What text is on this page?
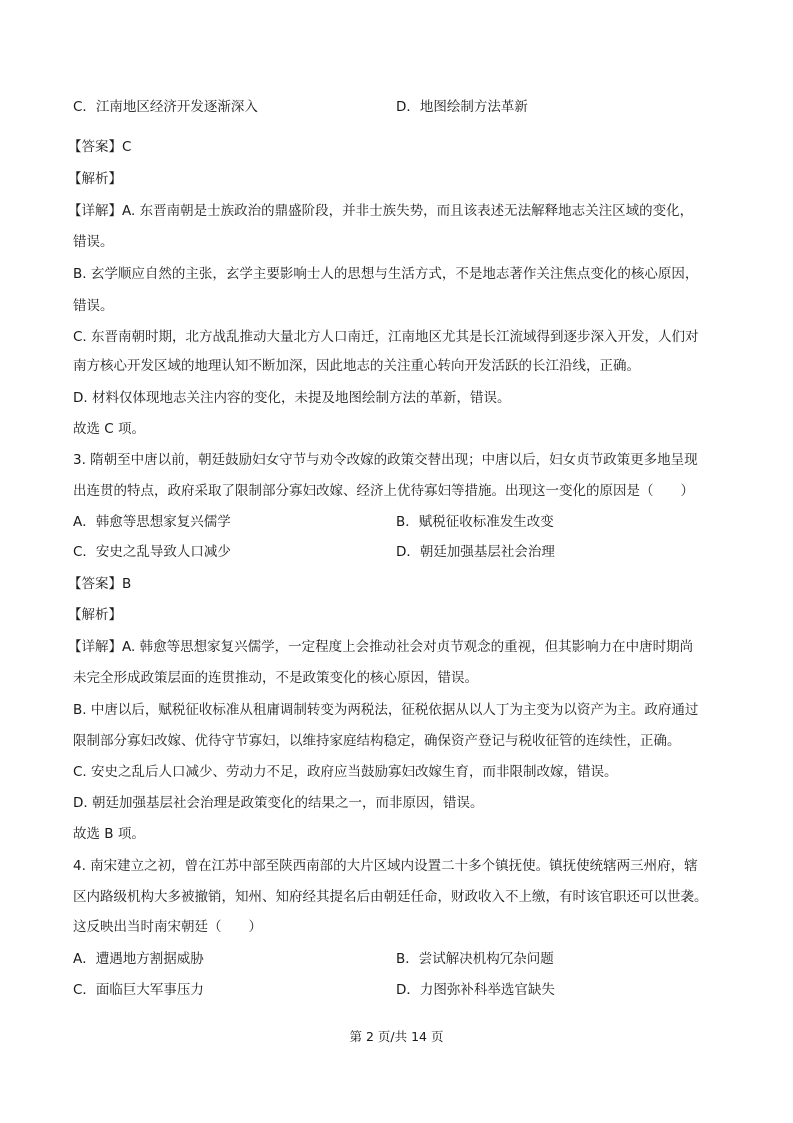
C．江南地区经济开发逐渐深入	D．地图绘制方法革新
【答案】C
【解析】
【详解】A. 东晋南朝是士族政治的鼎盛阶段，并非士族失势，而且该表述无法解释地志关注区域的变化，
错误。
B. 玄学顺应自然的主张，玄学主要影响士人的思想与生活方式，不是地志著作关注焦点变化的核心原因，
错误。
C. 东晋南朝时期，北方战乱推动大量北方人口南迁，江南地区尤其是长江流域得到逐步深入开发，人们对
南方核心开发区域的地理认知不断加深，因此地志的关注重心转向开发活跃的长江沿线，正确。
D. 材料仅体现地志关注内容的变化，未提及地图绘制方法的革新，错误。
故选 C 项。
3. 隋朝至中唐以前，朝廷鼓励妇女守节与劝令改嫁的政策交替出现；中唐以后，妇女贞节政策更多地呈现
出连贯的特点，政府采取了限制部分寡妇改嫁、经济上优待寡妇等措施。出现这一变化的原因是（　　）
A．韩愈等思想家复兴儒学	B．赋税征收标准发生改变
C．安史之乱导致人口减少	D．朝廷加强基层社会治理
【答案】B
【解析】
【详解】A. 韩愈等思想家复兴儒学，一定程度上会推动社会对贞节观念的重视，但其影响力在中唐时期尚
未完全形成政策层面的连贯推动，不是政策变化的核心原因，错误。
B. 中唐以后，赋税征收标准从租庸调制转变为两税法，征税依据从以人丁为主变为以资产为主。政府通过
限制部分寡妇改嫁、优待守节寡妇，以维持家庭结构稳定，确保资产登记与税收征管的连续性，正确。
C. 安史之乱后人口减少、劳动力不足，政府应当鼓励寡妇改嫁生育，而非限制改嫁，错误。
D. 朝廷加强基层社会治理是政策变化的结果之一，而非原因，错误。
故选 B 项。
4. 南宋建立之初，曾在江苏中部至陕西南部的大片区域内设置二十多个镇抚使。镇抚使统辖两三州府，辖
区内路级机构大多被撤销，知州、知府经其提名后由朝廷任命，财政收入不上缴，有时该官职还可以世袭。
这反映出当时南宋朝廷（　　）
A．遭遇地方割据威胁	B．尝试解决机构冗杂问题
C．面临巨大军事压力	D．力图弥补科举选官缺失
第 2 页/共 14 页
